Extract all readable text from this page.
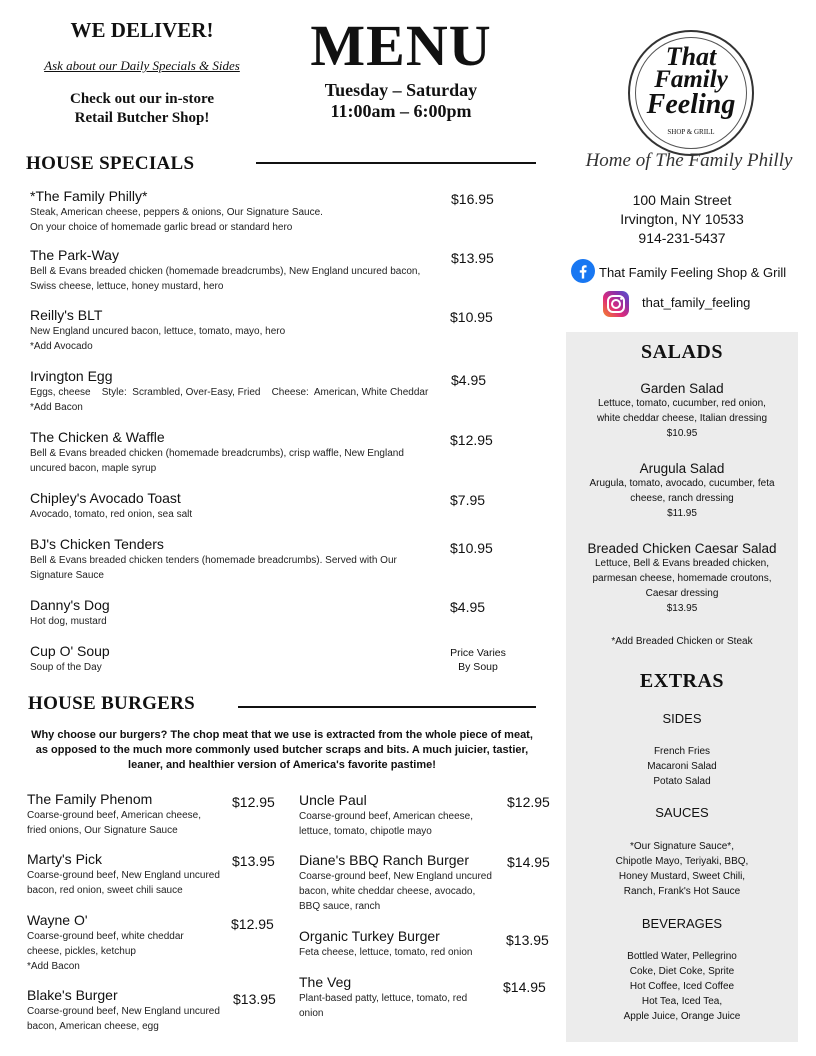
WE DELIVER!
Ask about our Daily Specials & Sides
Check out our in-store
Retail Butcher Shop!
MENU
Tuesday – Saturday
11:00am – 6:00pm
That
Family
Feeling
SHOP & GRILL
Home of The Family Philly
100 Main Street
Irvington, NY 10533
914-231-5437
That Family Feeling Shop & Grill
that_family_feeling
HOUSE SPECIALS
*The Family Philly*
Steak, American cheese, peppers & onions, Our Signature Sauce.
On your choice of homemade garlic bread or standard hero
$16.95
The Park-Way
Bell & Evans breaded chicken (homemade breadcrumbs), New England uncured bacon,
Swiss cheese, lettuce, honey mustard, hero
$13.95
Reilly's BLT
New England uncured bacon, lettuce, tomato, mayo, hero
*Add Avocado
$10.95
Irvington Egg
Eggs, cheese    Style:  Scrambled, Over-Easy, Fried    Cheese:  American, White Cheddar
*Add Bacon
$4.95
The Chicken & Waffle
Bell & Evans breaded chicken (homemade breadcrumbs), crisp waffle, New England
uncured bacon, maple syrup
$12.95
Chipley's Avocado Toast
Avocado, tomato, red onion, sea salt
$7.95
BJ's Chicken Tenders
Bell & Evans breaded chicken tenders (homemade breadcrumbs). Served with Our
Signature Sauce
$10.95
Danny's Dog
Hot dog, mustard
$4.95
Cup O' Soup
Soup of the Day
Price Varies
By Soup
HOUSE BURGERS
Why choose our burgers? The chop meat that we use is extracted from the whole piece of meat, as opposed to the much more commonly used butcher scraps and bits. A much juicier, tastier, leaner, and healthier version of America's favorite pastime!
The Family Phenom
Coarse-ground beef, American cheese,
fried onions, Our Signature Sauce
$12.95
Marty's Pick
Coarse-ground beef, New England uncured
bacon, red onion, sweet chili sauce
$13.95
Wayne O'
Coarse-ground beef, white cheddar
cheese, pickles, ketchup
*Add Bacon
$12.95
Blake's Burger
Coarse-ground beef, New England uncured
bacon, American cheese, egg
$13.95
Uncle Paul
Coarse-ground beef, American cheese,
lettuce, tomato, chipotle mayo
$12.95
Diane's BBQ Ranch Burger
Coarse-ground beef, New England uncured
bacon, white cheddar cheese, avocado,
BBQ sauce, ranch
$14.95
Organic Turkey Burger
Feta cheese, lettuce, tomato, red onion
$13.95
The Veg
Plant-based patty, lettuce, tomato, red
onion
$14.95
SALADS
Garden Salad
Lettuce, tomato, cucumber, red onion,
white cheddar cheese, Italian dressing
$10.95
Arugula Salad
Arugula, tomato, avocado, cucumber, feta
cheese, ranch dressing
$11.95
Breaded Chicken Caesar Salad
Lettuce, Bell & Evans breaded chicken,
parmesan cheese, homemade croutons,
Caesar dressing
$13.95
*Add Breaded Chicken or Steak
EXTRAS
SIDES
French Fries
Macaroni Salad
Potato Salad
SAUCES
*Our Signature Sauce*,
Chipotle Mayo, Teriyaki, BBQ,
Honey Mustard, Sweet Chili,
Ranch, Frank's Hot Sauce
BEVERAGES
Bottled Water, Pellegrino
Coke, Diet Coke, Sprite
Hot Coffee, Iced Coffee
Hot Tea, Iced Tea,
Apple Juice, Orange Juice
